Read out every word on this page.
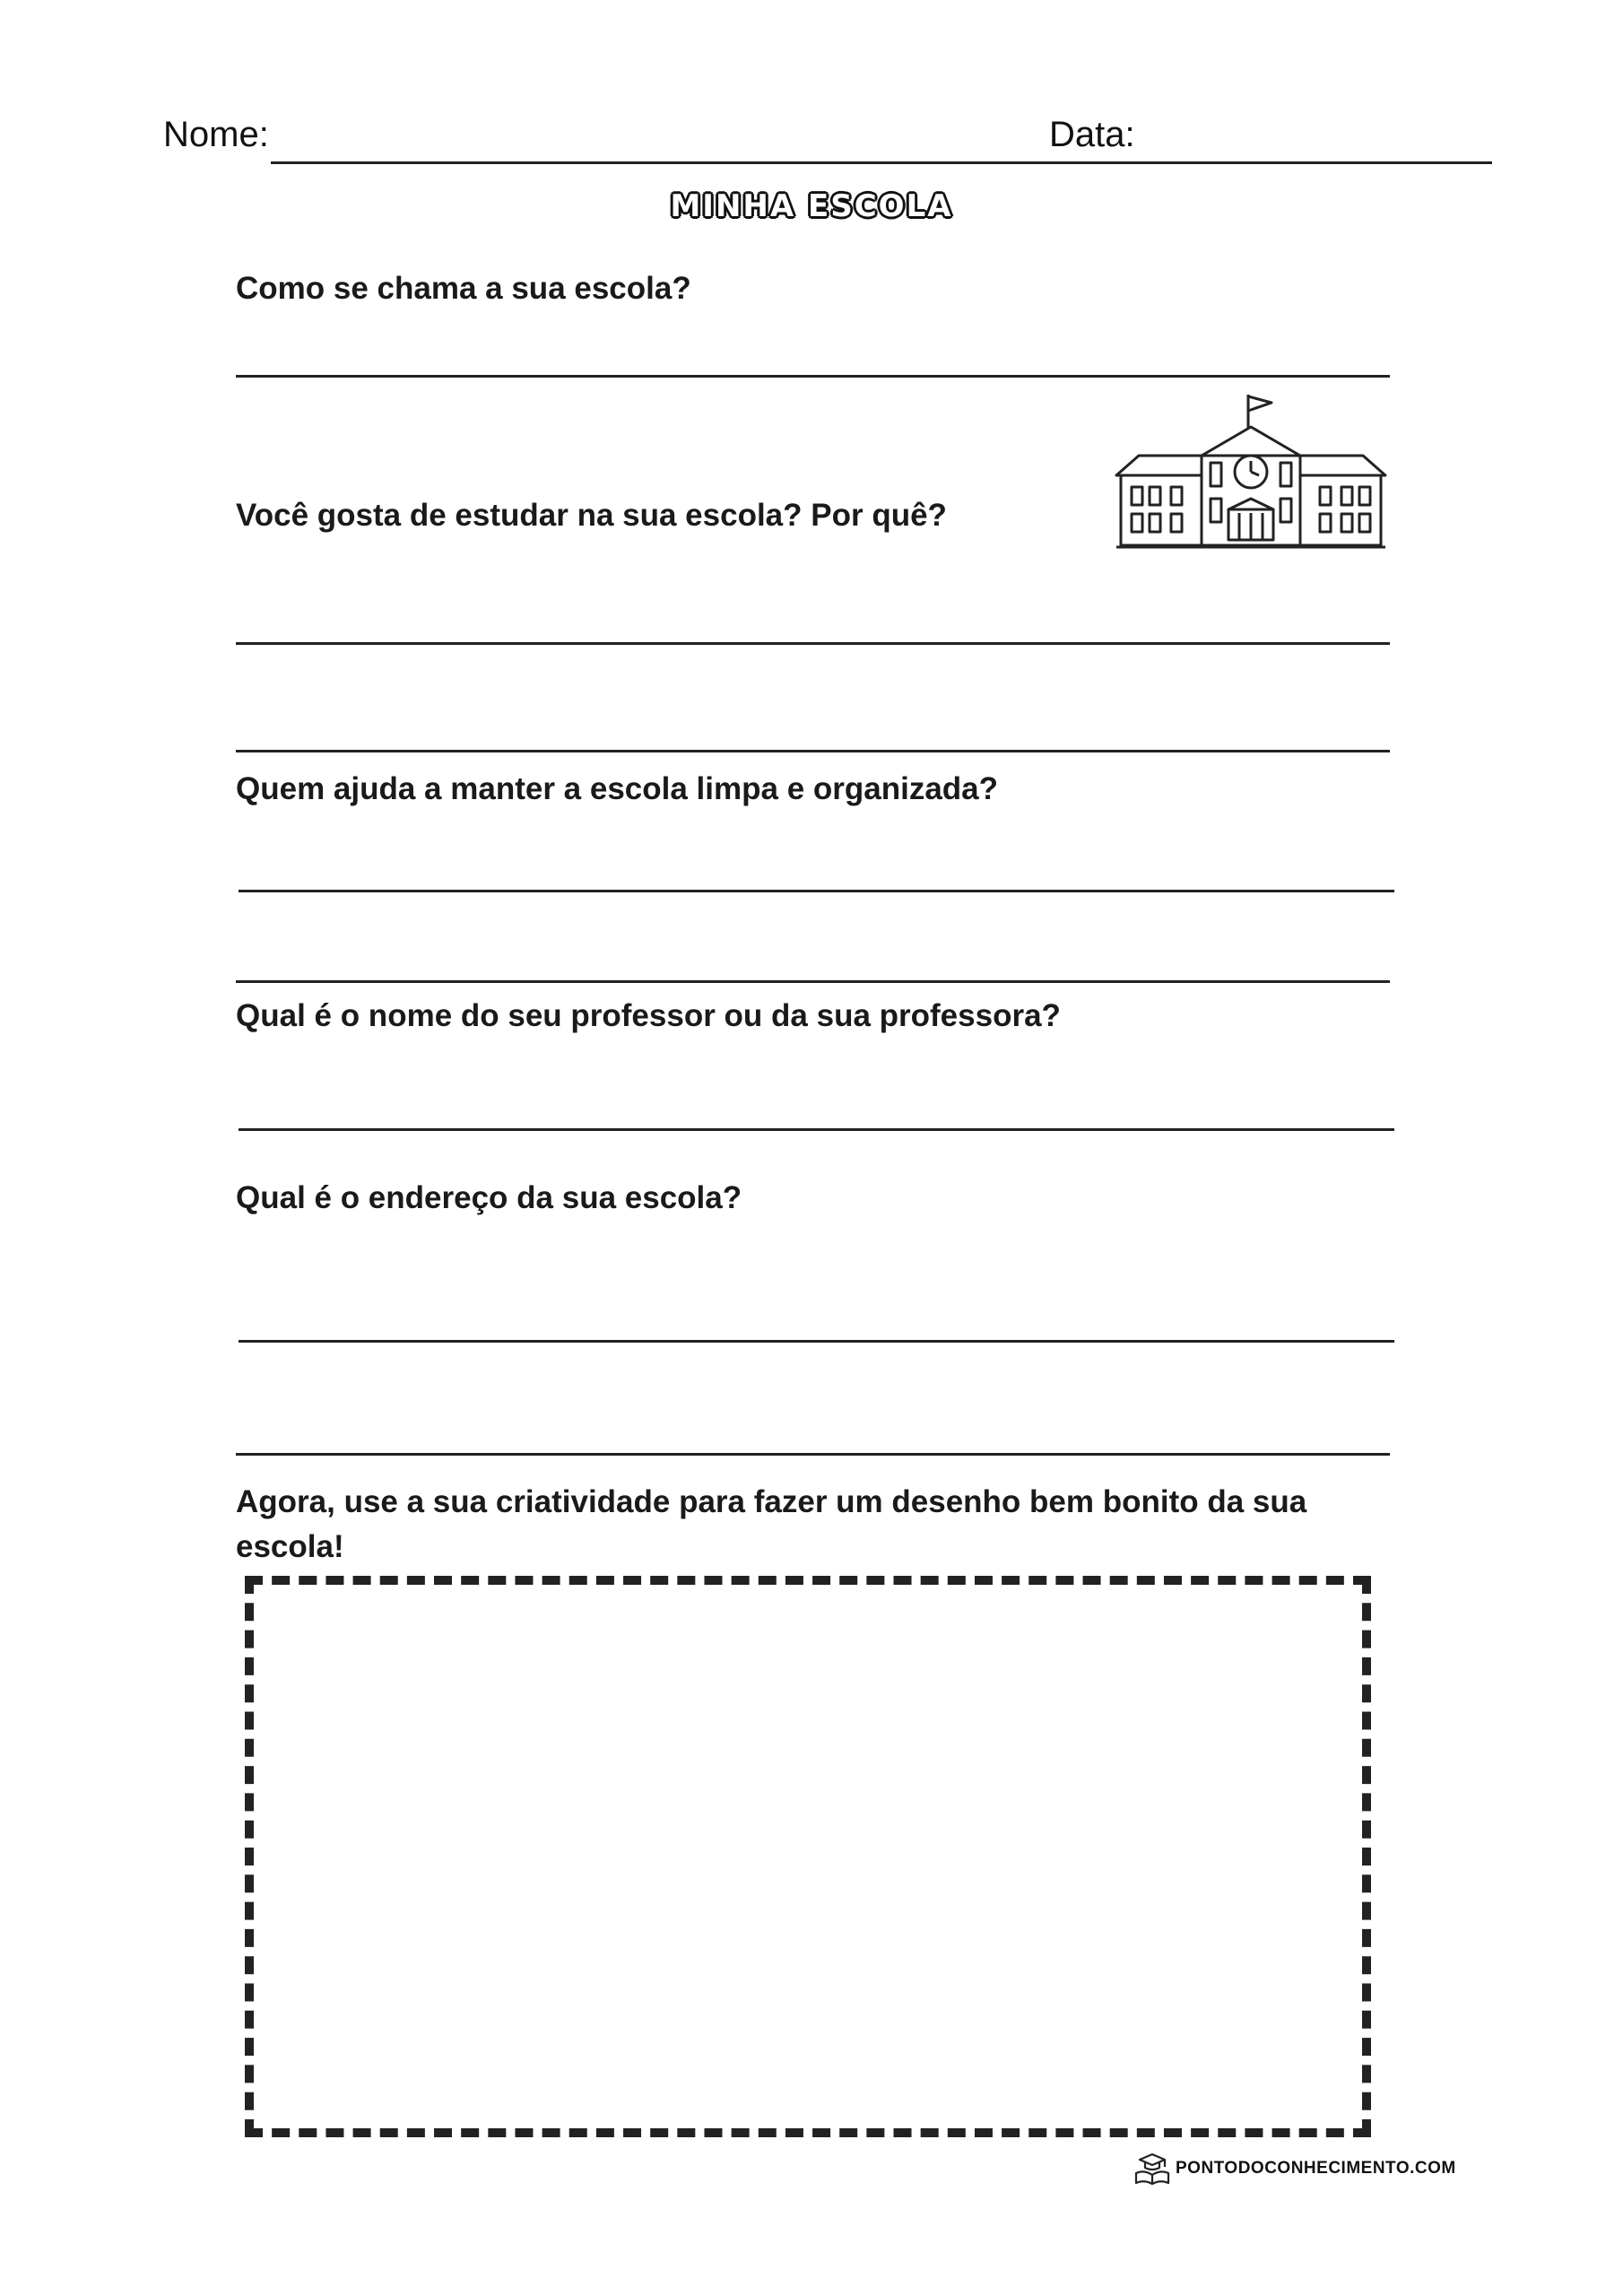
Nome:	Data:
MINHA ESCOLA
Como se chama a sua escola?
Você gosta de estudar na sua escola? Por quê?
Quem ajuda a manter a escola limpa e organizada?
Qual é o nome do seu professor ou da sua professora?
Qual é o endereço da sua escola?
Agora, use a sua criatividade para fazer um desenho bem bonito da sua escola!
PONTODOCONHECIMENTO.COM
